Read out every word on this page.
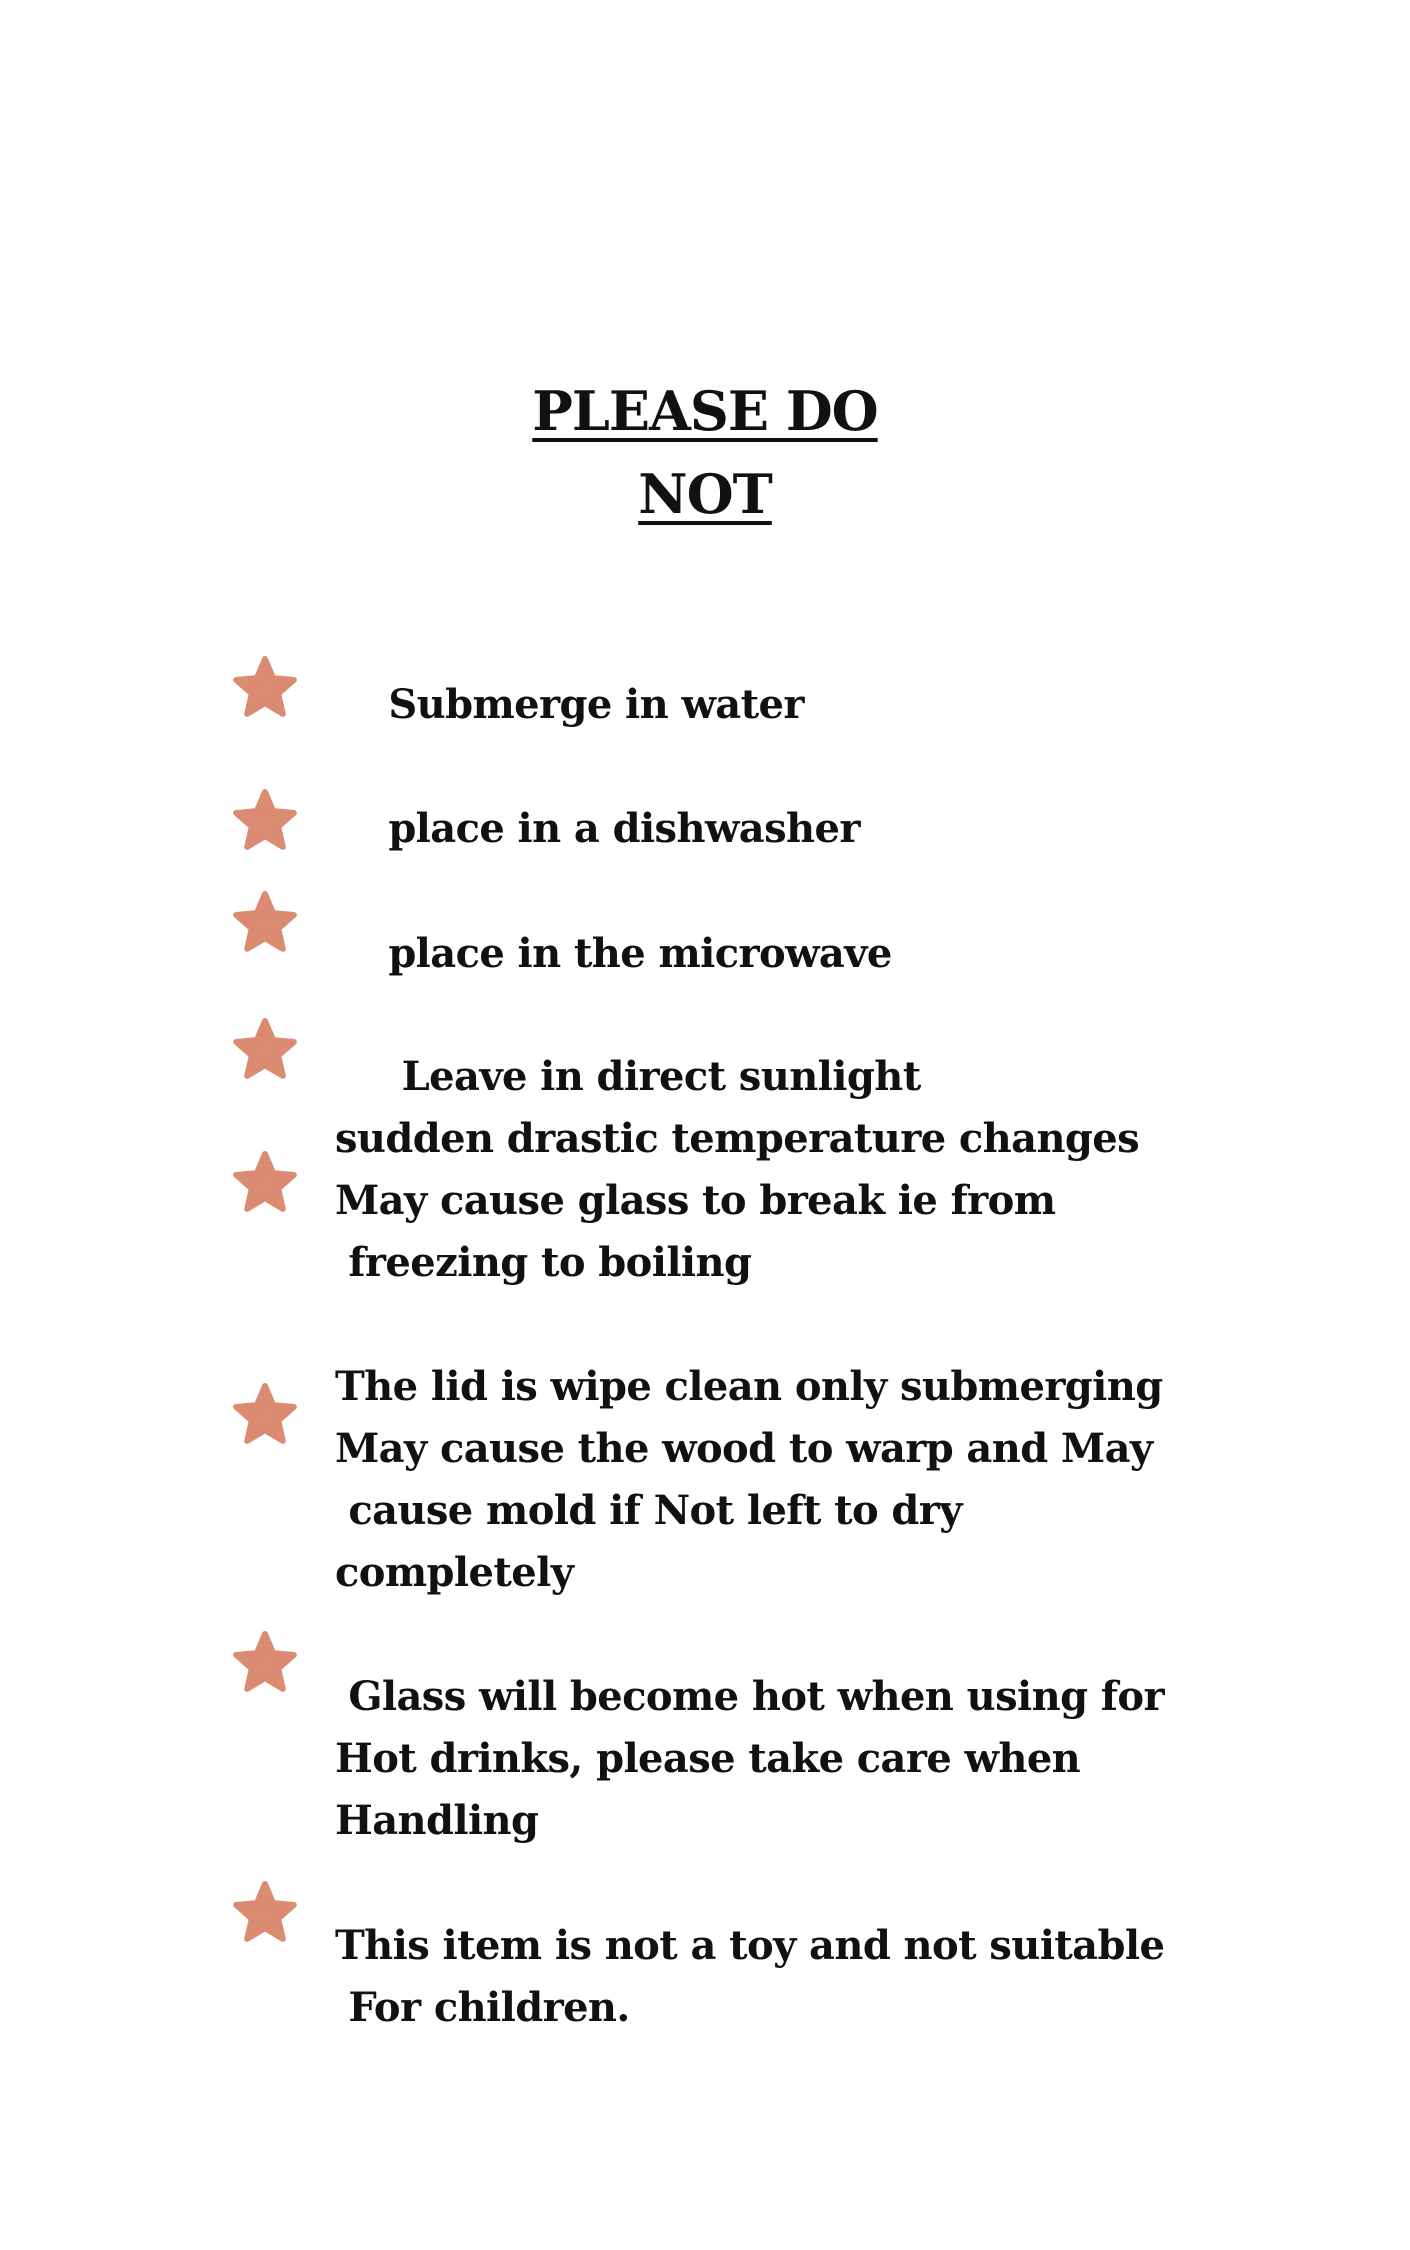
PLEASE DO
NOT

Submerge in water

place in a dishwasher

place in the microwave

Leave in direct sunlight

sudden drastic temperature changes
May cause glass to break ie from
freezing to boiling

The lid is wipe clean only submerging
May cause the wood to warp and May
cause mold if Not left to dry
completely

Glass will become hot when using for
Hot drinks, please take care when
Handling

This item is not a toy and not suitable
For children.
